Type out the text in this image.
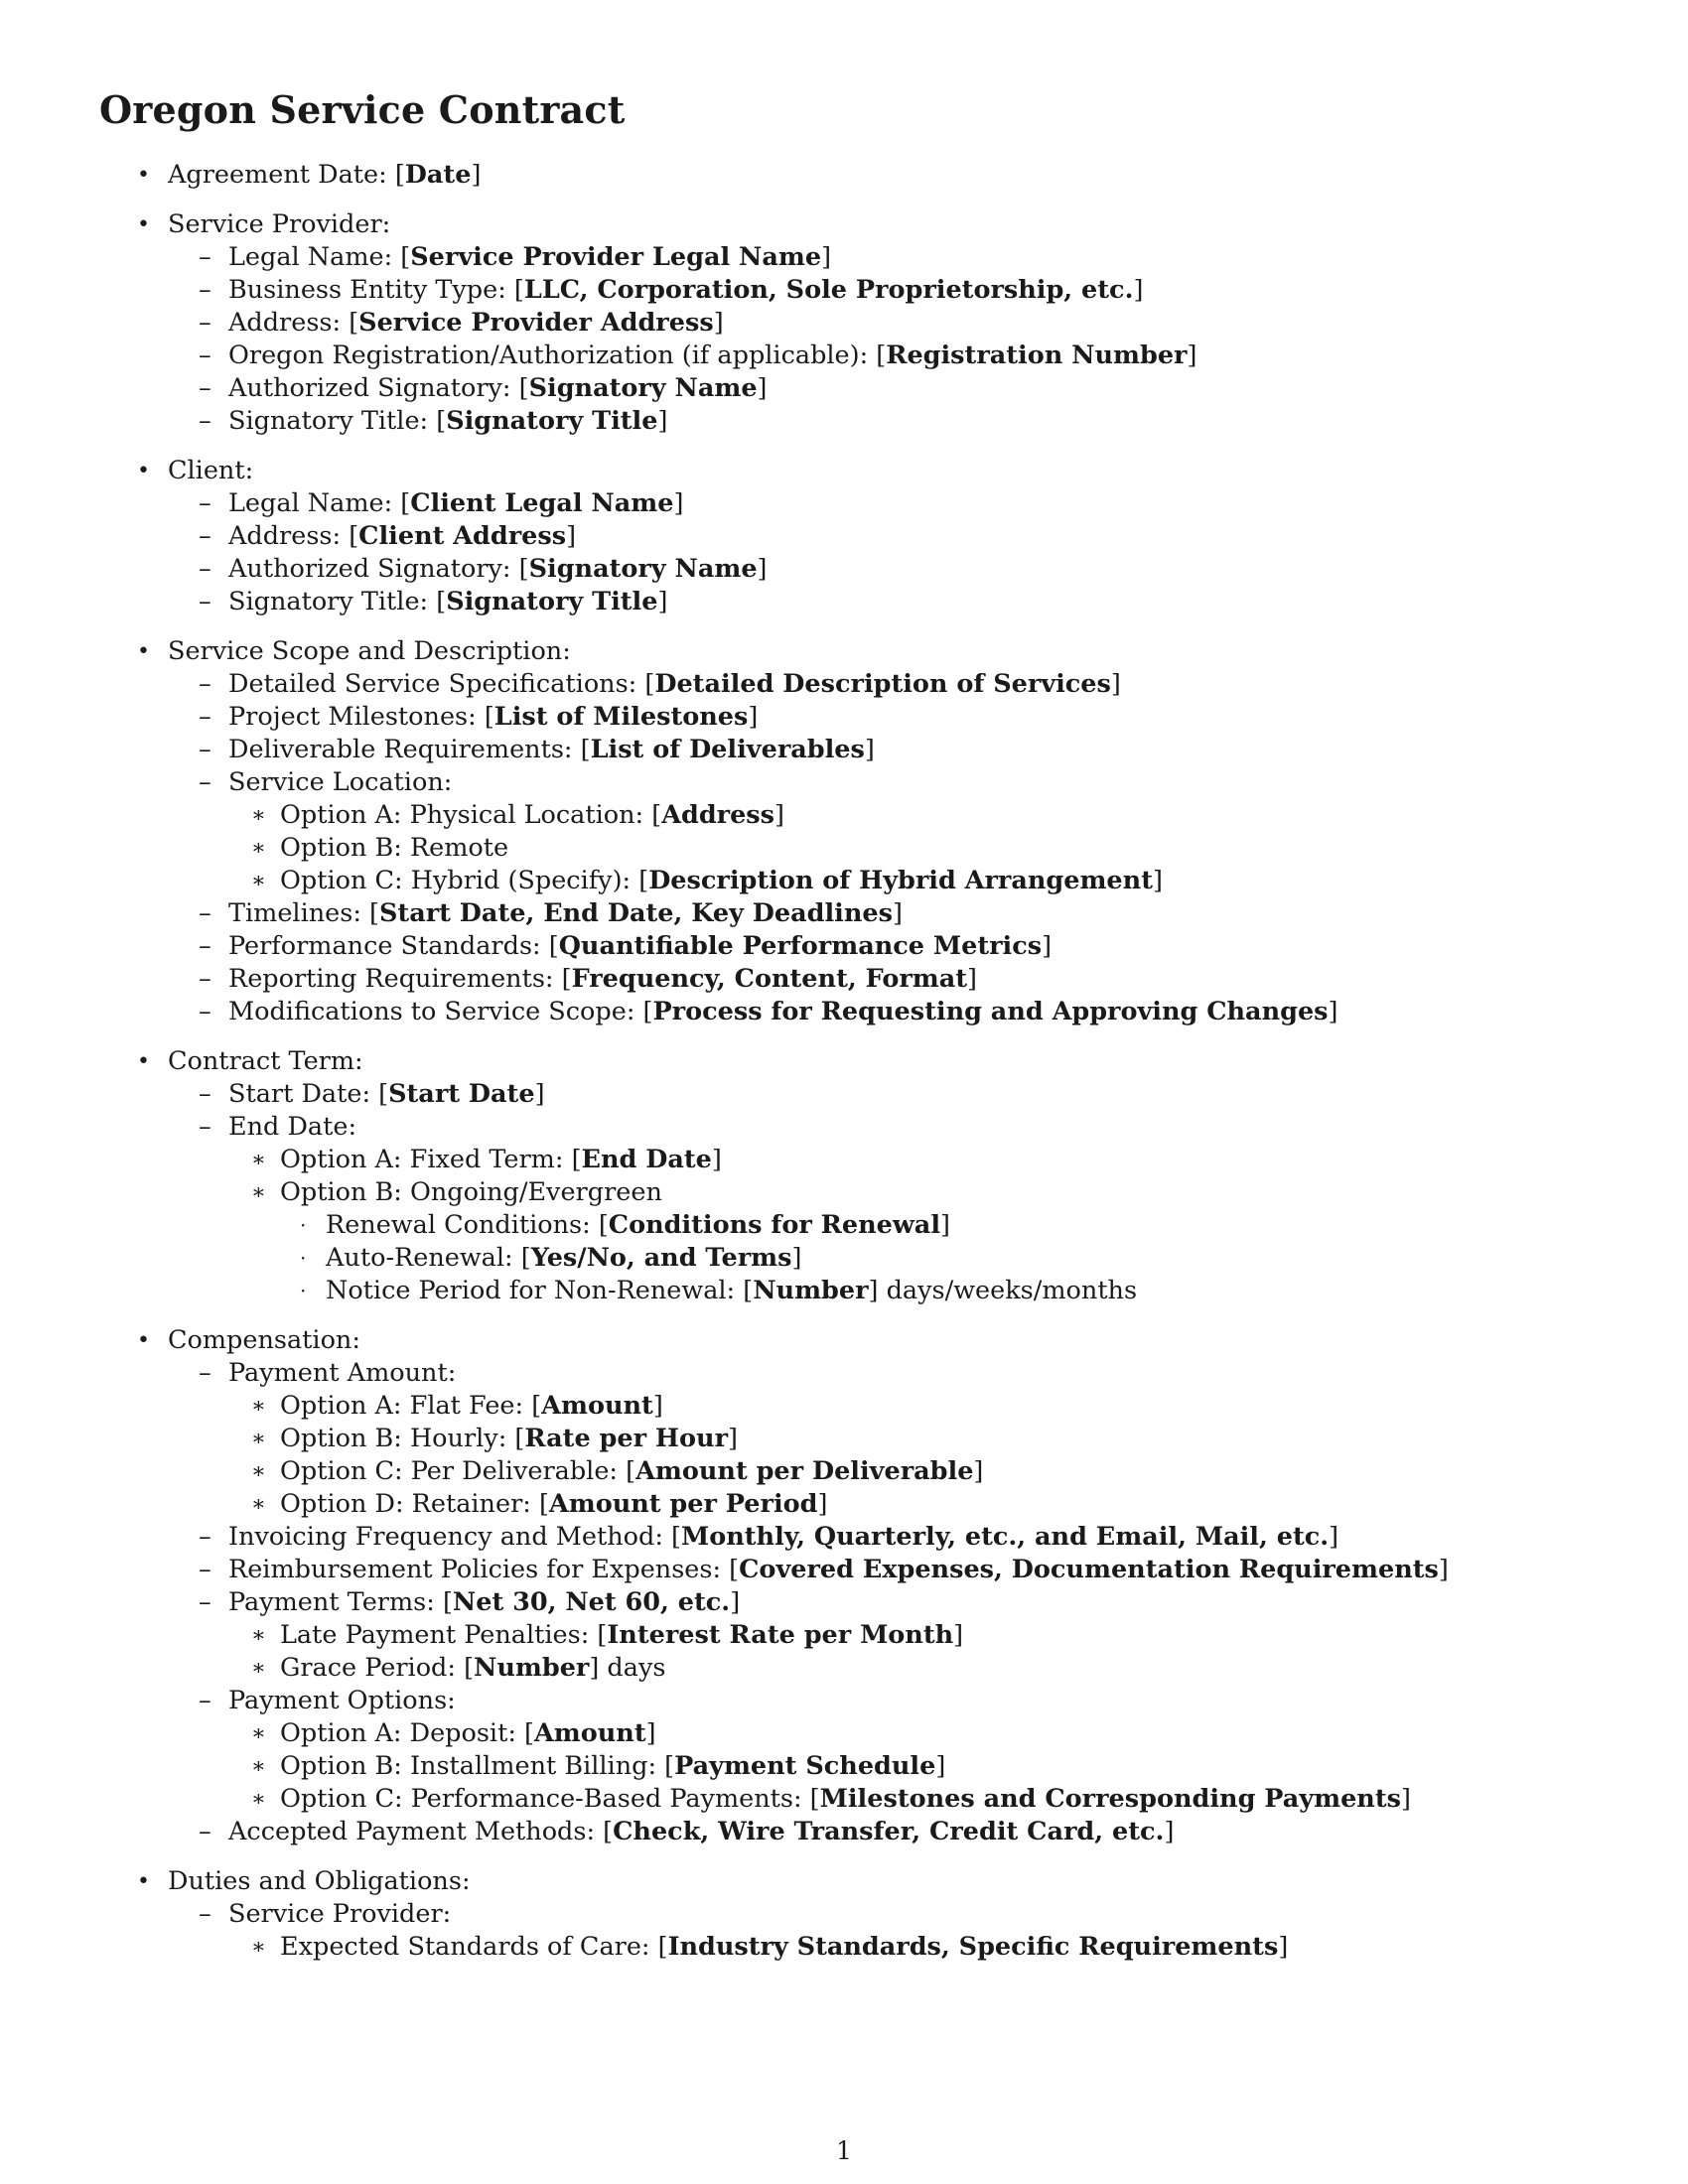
Oregon Service Contract
• Agreement Date: [Date]
• Service Provider:
– Legal Name: [Service Provider Legal Name]
– Business Entity Type: [LLC, Corporation, Sole Proprietorship, etc.]
– Address: [Service Provider Address]
– Oregon Registration/Authorization (if applicable): [Registration Number]
– Authorized Signatory: [Signatory Name]
– Signatory Title: [Signatory Title]
• Client:
– Legal Name: [Client Legal Name]
– Address: [Client Address]
– Authorized Signatory: [Signatory Name]
– Signatory Title: [Signatory Title]
• Service Scope and Description:
– Detailed Service Specifications: [Detailed Description of Services]
– Project Milestones: [List of Milestones]
– Deliverable Requirements: [List of Deliverables]
– Service Location:
∗ Option A: Physical Location: [Address]
∗ Option B: Remote
∗ Option C: Hybrid (Specify): [Description of Hybrid Arrangement]
– Timelines: [Start Date, End Date, Key Deadlines]
– Performance Standards: [Quantifiable Performance Metrics]
– Reporting Requirements: [Frequency, Content, Format]
– Modifications to Service Scope: [Process for Requesting and Approving Changes]
• Contract Term:
– Start Date: [Start Date]
– End Date:
∗ Option A: Fixed Term: [End Date]
∗ Option B: Ongoing/Evergreen
· Renewal Conditions: [Conditions for Renewal]
· Auto-Renewal: [Yes/No, and Terms]
· Notice Period for Non-Renewal: [Number] days/weeks/months
• Compensation:
– Payment Amount:
∗ Option A: Flat Fee: [Amount]
∗ Option B: Hourly: [Rate per Hour]
∗ Option C: Per Deliverable: [Amount per Deliverable]
∗ Option D: Retainer: [Amount per Period]
– Invoicing Frequency and Method: [Monthly, Quarterly, etc., and Email, Mail, etc.]
– Reimbursement Policies for Expenses: [Covered Expenses, Documentation Requirements]
– Payment Terms: [Net 30, Net 60, etc.]
∗ Late Payment Penalties: [Interest Rate per Month]
∗ Grace Period: [Number] days
– Payment Options:
∗ Option A: Deposit: [Amount]
∗ Option B: Installment Billing: [Payment Schedule]
∗ Option C: Performance-Based Payments: [Milestones and Corresponding Payments]
– Accepted Payment Methods: [Check, Wire Transfer, Credit Card, etc.]
• Duties and Obligations:
– Service Provider:
∗ Expected Standards of Care: [Industry Standards, Specific Requirements]
1
